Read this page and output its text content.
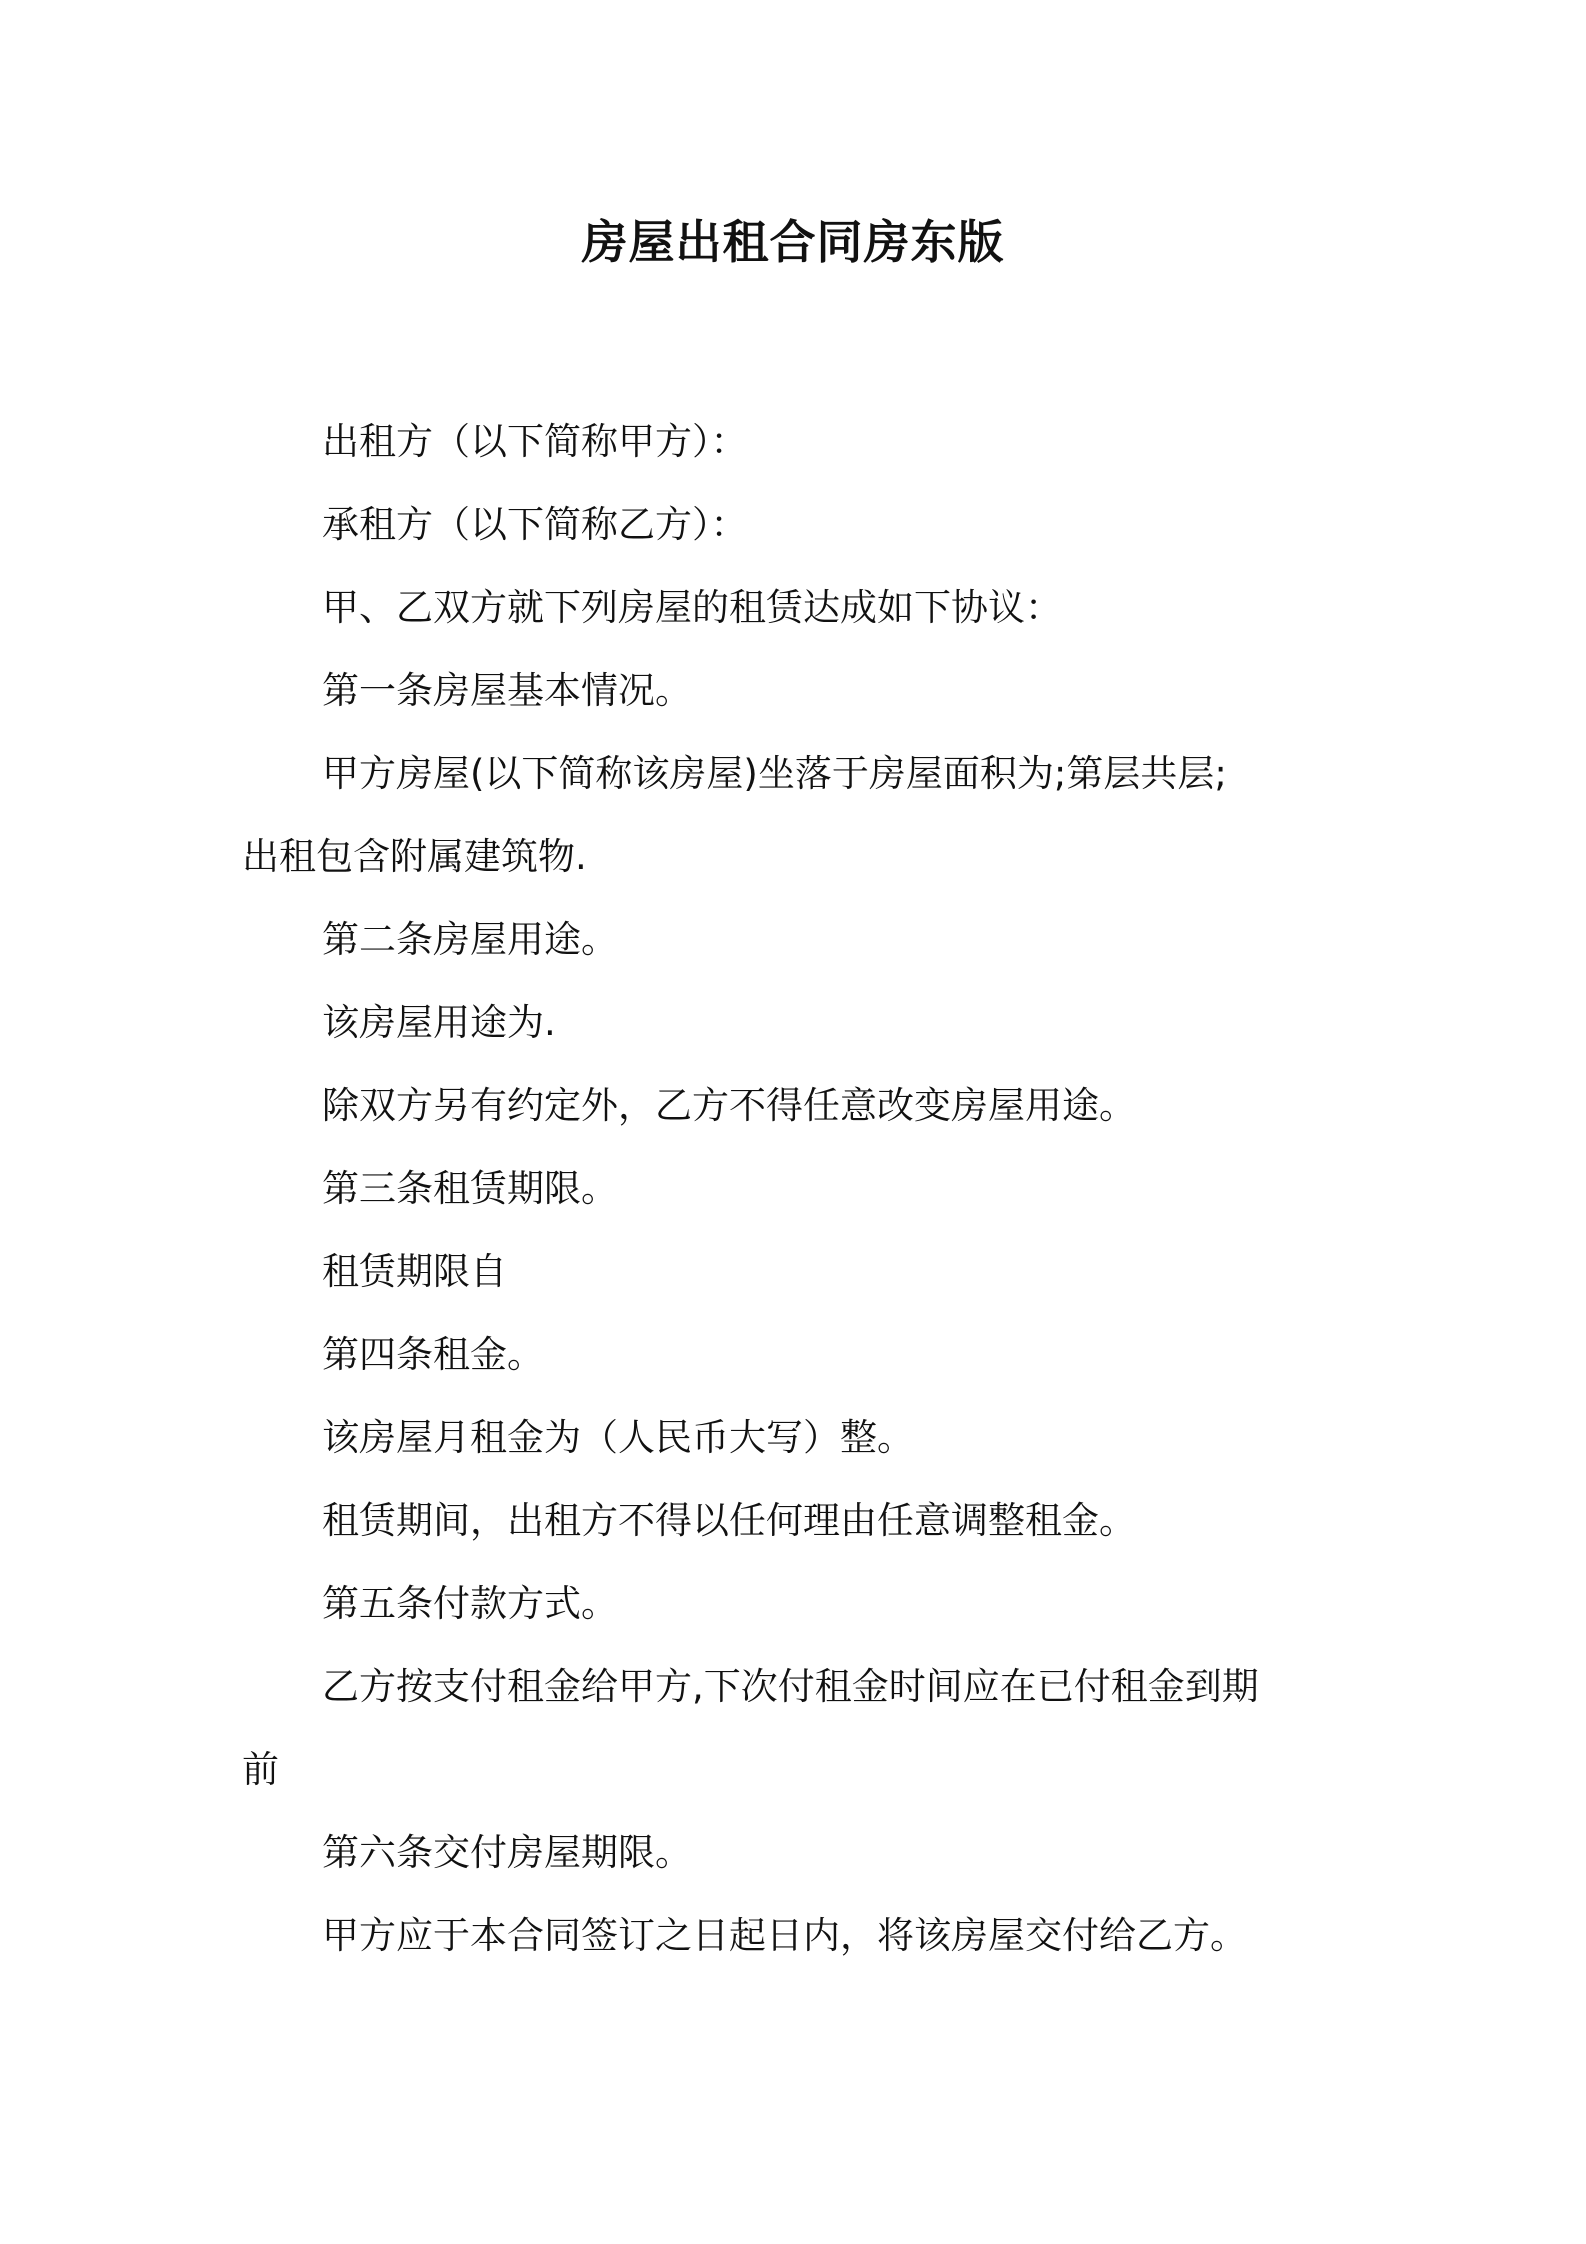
房屋出租合同房东版

出租方（以下简称甲方）：

承租方（以下简称乙方）：

甲、乙双方就下列房屋的租赁达成如下协议：

第一条房屋基本情况。

甲方房屋(以下简称该房屋)坐落于房屋面积为;第层共层;

出租包含附属建筑物.

第二条房屋用途。

该房屋用途为.

除双方另有约定外，乙方不得任意改变房屋用途。

第三条租赁期限。

租赁期限自

第四条租金。

该房屋月租金为（人民币大写）整。

租赁期间，出租方不得以任何理由任意调整租金。

第五条付款方式。

乙方按支付租金给甲方,下次付租金时间应在已付租金到期

前

第六条交付房屋期限。

甲方应于本合同签订之日起日内，将该房屋交付给乙方。
